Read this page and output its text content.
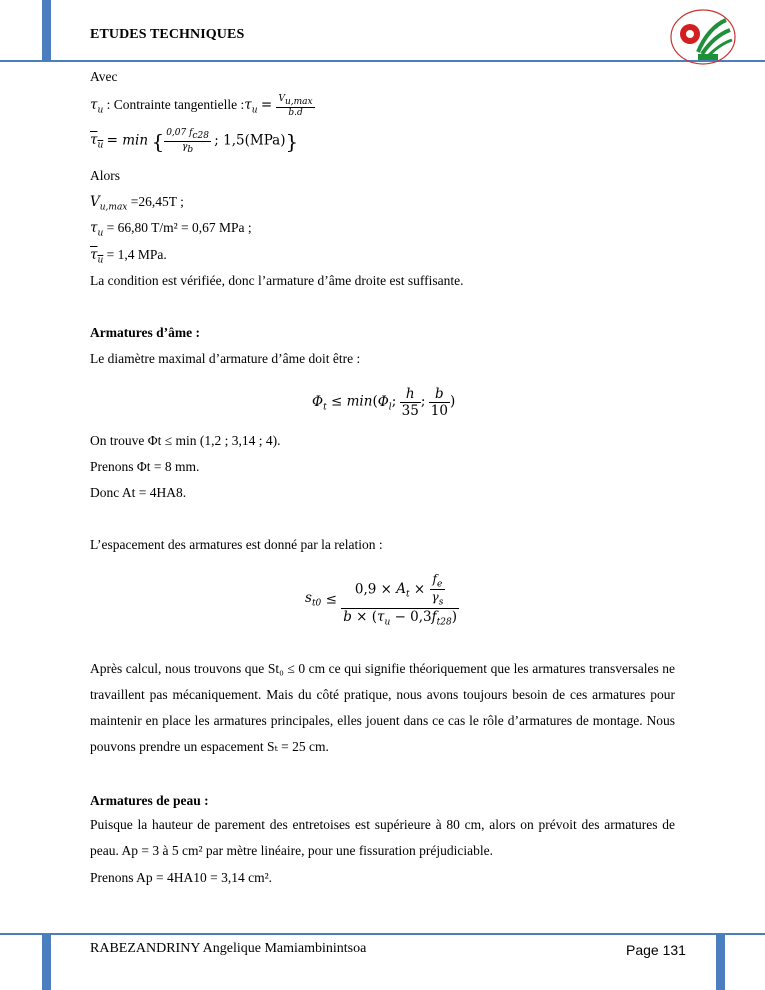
ETUDES TECHNIQUES
Avec
$\tau_u$ : Contrainte tangentielle $:\tau_u = \frac{V_{u,max}}{b.d}$
$\tau_u = \min$ { $\frac{0,07 f_{c28}}{\gamma_b}$ ; 1,5(MPa)}
Alors
$V_{u,max} =26,45T$ ;
$\tau_u = 66,80$ T/m² = 0,67 MPa ;
$\tau_u = 1,4$ MPa.
La condition est vérifiée, donc l’armature d’âme droite est suffisante.
Armatures d’âme :
Le diamètre maximal d’armature d’âme doit être :
$\Phi_t \le \min(\Phi_l$; $\frac{h}{35}$ ; $\frac{b}{10}$ )
On trouve Φt ≤ min (1,2 ; 3,14 ; 4).
Prenons Φt = 8 mm.
Donc At = 4HA8.
L’espacement des armatures est donné par la relation :
$s_{t0} \le \frac{0,9 \times A_t \times \frac{f_e}{\gamma_s}}{b \times (\tau_u - 0,3f_{t28})}$
Après calcul, nous trouvons que St₀ ≤ 0 cm ce qui signifie théoriquement que les armatures transversales ne travaillent pas mécaniquement. Mais du côté pratique, nous avons toujours besoin de ces armatures pour maintenir en place les armatures principales, elles jouent dans ce cas le rôle d’armatures de montage. Nous pouvons prendre un espacement Sₜ = 25 cm.
Armatures de peau :
Puisque la hauteur de parement des entretoises est supérieure à 80 cm, alors on prévoit des armatures de peau. Ap = 3 à 5 cm² par mètre linéaire, pour une fissuration préjudiciable.
Prenons Ap = 4HA10 = 3,14 cm².
RABEZANDRINY Angelique Mamiambinintsoa	Page 131
